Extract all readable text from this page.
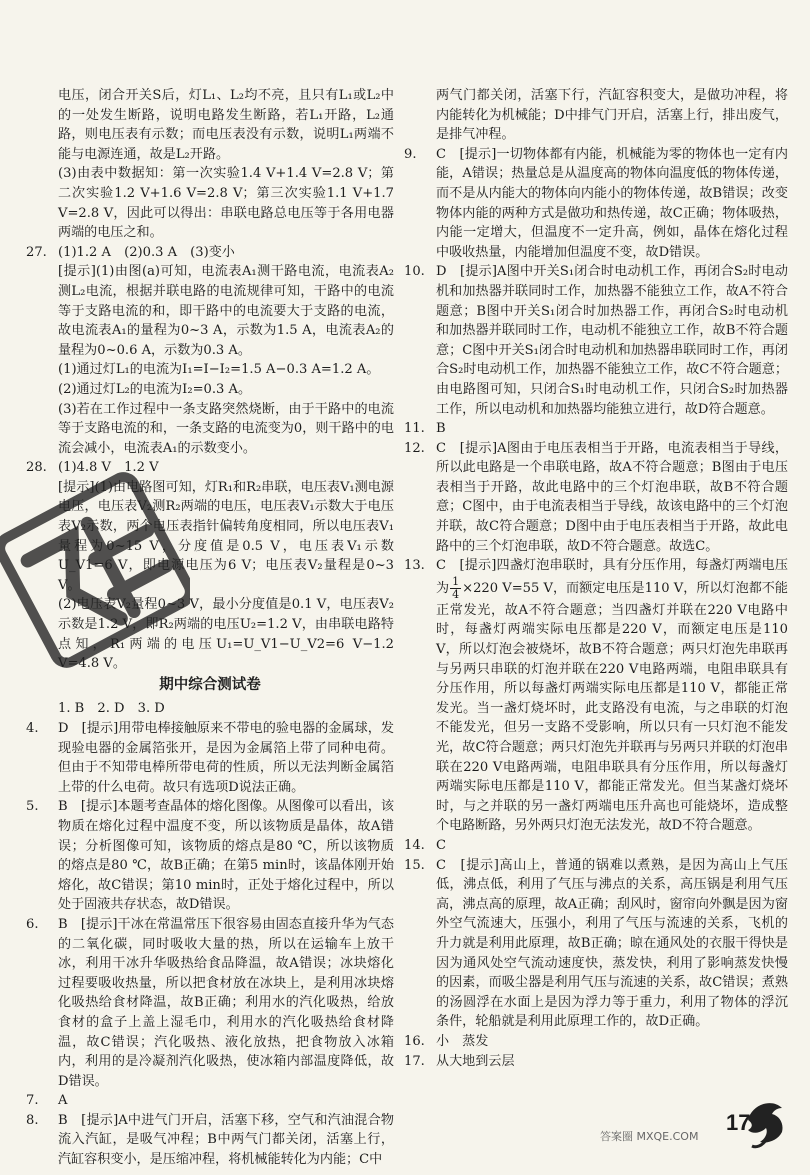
电压，闭合开关S后，灯L₁、L₂均不亮，且只有L₁或L₂中的一处发生断路，说明电路发生断路，若L₁开路，L₂通路，则电压表有示数；而电压表没有示数，说明L₁两端不能与电源连通，故是L₂开路。

(3)由表中数据知：第一次实验1.4 V+1.4 V=2.8 V；第二次实验1.2 V+1.6 V=2.8 V；第三次实验1.1 V+1.7 V=2.8 V，因此可以得出：串联电路总电压等于各用电器两端的电压之和。

27. (1)1.2 A　(2)0.3 A　(3)变小

[提示](1)由图(a)可知，电流表A₁测干路电流，电流表A₂测L₂电流，根据并联电路的电流规律可知，干路中的电流等于支路电流的和，即干路中的电流要大于支路的电流，故电流表A₁的量程为0~3 A，示数为1.5 A，电流表A₂的量程为0~0.6 A，示数为0.3 A。

(1)通过灯L₁的电流为I₁=I−I₂=1.5 A−0.3 A=1.2 A。

(2)通过灯L₂的电流为I₂=0.3 A。

(3)若在工作过程中一条支路突然烧断，由于干路中的电流等于支路电流的和，一条支路的电流变为0，则干路中的电流会减小，电流表A₁的示数变小。

28. (1)4.8 V　1.2 V

[提示](1)由电路图可知，灯R₁和R₂串联，电压表V₁测电源电压，电压表V₂测R₂两端的电压，电压表V₁示数大于电压表V₂示数，两个电压表指针偏转角度相同，所以电压表V₁量程为0~15 V，分度值是0.5 V，电压表V₁示数U_V1=6 V，即电源电压为6 V；电压表V₂量程是0~3 V。

(2)电压表V₂量程0~3 V，最小分度值是0.1 V，电压表V₂示数是1.2 V，即R₂两端的电压U₂=1.2 V，由串联电路特点知，R₁两端的电压U₁=U_V1−U_V2=6 V−1.2 V=4.8 V。

期中综合测试卷

1. B　2. D　3. D

4.	D　[提示]用带电棒接触原来不带电的验电器的金属球，发现验电器的金属箔张开，是因为金属箔上带了同种电荷。但由于不知带电棒所带电荷的性质，所以无法判断金属箔上带的什么电荷。故只有选项D说法正确。
5.	B　[提示]本题考查晶体的熔化图像。从图像可以看出，该物质在熔化过程中温度不变，所以该物质是晶体，故A错误；分析图像可知，该物质的熔点是80 ℃，所以该物质的熔点是80 ℃，故B正确；在第5 min时，该晶体刚开始熔化，故C错误；第10 min时，正处于熔化过程中，所以处于固液共存状态，故D错误。
6.	B　[提示]干冰在常温常压下很容易由固态直接升华为气态的二氧化碳，同时吸收大量的热，所以在运输车上放干冰，利用干冰升华吸热给食品降温，故A错误；冰块熔化过程要吸收热量，所以把食材放在冰块上，是利用冰块熔化吸热给食材降温，故B正确；利用水的汽化吸热，给放食材的盒子上盖上湿毛巾，利用水的汽化吸热给食材降温，故C错误；汽化吸热、液化放热，把食物放入冰箱内，利用的是冷凝剂汽化吸热，使冰箱内部温度降低，故D错误。
7.	A
8.	B　[提示]A中进气门开启，活塞下移，空气和汽油混合物流入汽缸，是吸气冲程；B中两气门都关闭，活塞上行，汽缸容积变小，是压缩冲程，将机械能转化为内能；C中

两气门都关闭，活塞下行，汽缸容积变大，是做功冲程，将内能转化为机械能；D中排气门开启，活塞上行，排出废气，是排气冲程。

9.	C　[提示]一切物体都有内能，机械能为零的物体也一定有内能，A错误；热量总是从温度高的物体向温度低的物体传递，而不是从内能大的物体向内能小的物体传递，故B错误；改变物体内能的两种方式是做功和热传递，故C正确；物体吸热，内能一定增大，但温度不一定升高，例如，晶体在熔化过程中吸收热量，内能增加但温度不变，故D错误。
10. D　[提示]A图中开关S₁闭合时电动机工作，再闭合S₂时电动机和加热器并联同时工作，加热器不能独立工作，故A不符合题意；B图中开关S₁闭合时加热器工作，再闭合S₂时电动机和加热器并联同时工作，电动机不能独立工作，故B不符合题意；C图中开关S₁闭合时电动机和加热器串联同时工作，再闭合S₂时电动机工作，加热器不能独立工作，故C不符合题意；由电路图可知，只闭合S₁时电动机工作，只闭合S₂时加热器工作，所以电动机和加热器均能独立进行，故D符合题意。
11. B
12. C　[提示]A图由于电压表相当于开路，电流表相当于导线，所以此电路是一个串联电路，故A不符合题意；B图由于电压表相当于开路，故此电路中的三个灯泡串联，故B不符合题意；C图中，由于电流表相当于导线，故该电路中的三个灯泡并联，故C符合题意；D图中由于电压表相当于开路，故此电路中的三个灯泡串联，故D不符合题意。故选C。
13. C　[提示]四盏灯泡串联时，具有分压作用，每盏灯两端电压为 $\frac{1}{4} \times 220$ V=55 V，而额定电压是110 V，所以灯泡都不能正常发光，故A不符合题意；当四盏灯并联在220 V电路中时，每盏灯两端实际电压都是220 V，而额定电压是110 V，所以灯泡会被烧坏，故B不符合题意；两只灯泡先串联再与另两只串联的灯泡并联在220 V电路两端，电阻串联具有分压作用，所以每盏灯两端实际电压都是110 V，都能正常发光。当一盏灯烧坏时，此支路没有电流，与之串联的灯泡不能发光，但另一支路不受影响，所以只有一只灯泡不能发光，故C符合题意；两只灯泡先并联再与另两只并联的灯泡串联在220 V电路两端，电阻串联具有分压作用，所以每盏灯两端实际电压都是110 V，都能正常发光。但当某盏灯烧坏时，与之并联的另一盏灯两端电压升高也可能烧坏，造成整个电路断路，另外两只灯泡无法发光，故D不符合题意。
14. C
15. C　[提示]高山上，普通的锅难以煮熟，是因为高山上气压低，沸点低，利用了气压与沸点的关系，高压锅是利用气压高，沸点高的原理，故A正确；刮风时，窗帘向外飘是因为窗外空气流速大，压强小，利用了气压与流速的关系，飞机的升力就是利用此原理，故B正确；晾在通风处的衣服干得快是因为通风处空气流动速度快，蒸发快，利用了影响蒸发快慢的因素，而吸尘器是利用气压与流速的关系，故C错误；煮熟的汤圆浮在水面上是因为浮力等于重力，利用了物体的浮沉条件，轮船就是利用此原理工作的，故D正确。
16. 小　蒸发
17. 从大地到云层
17
答案圈 MXQE.COM
